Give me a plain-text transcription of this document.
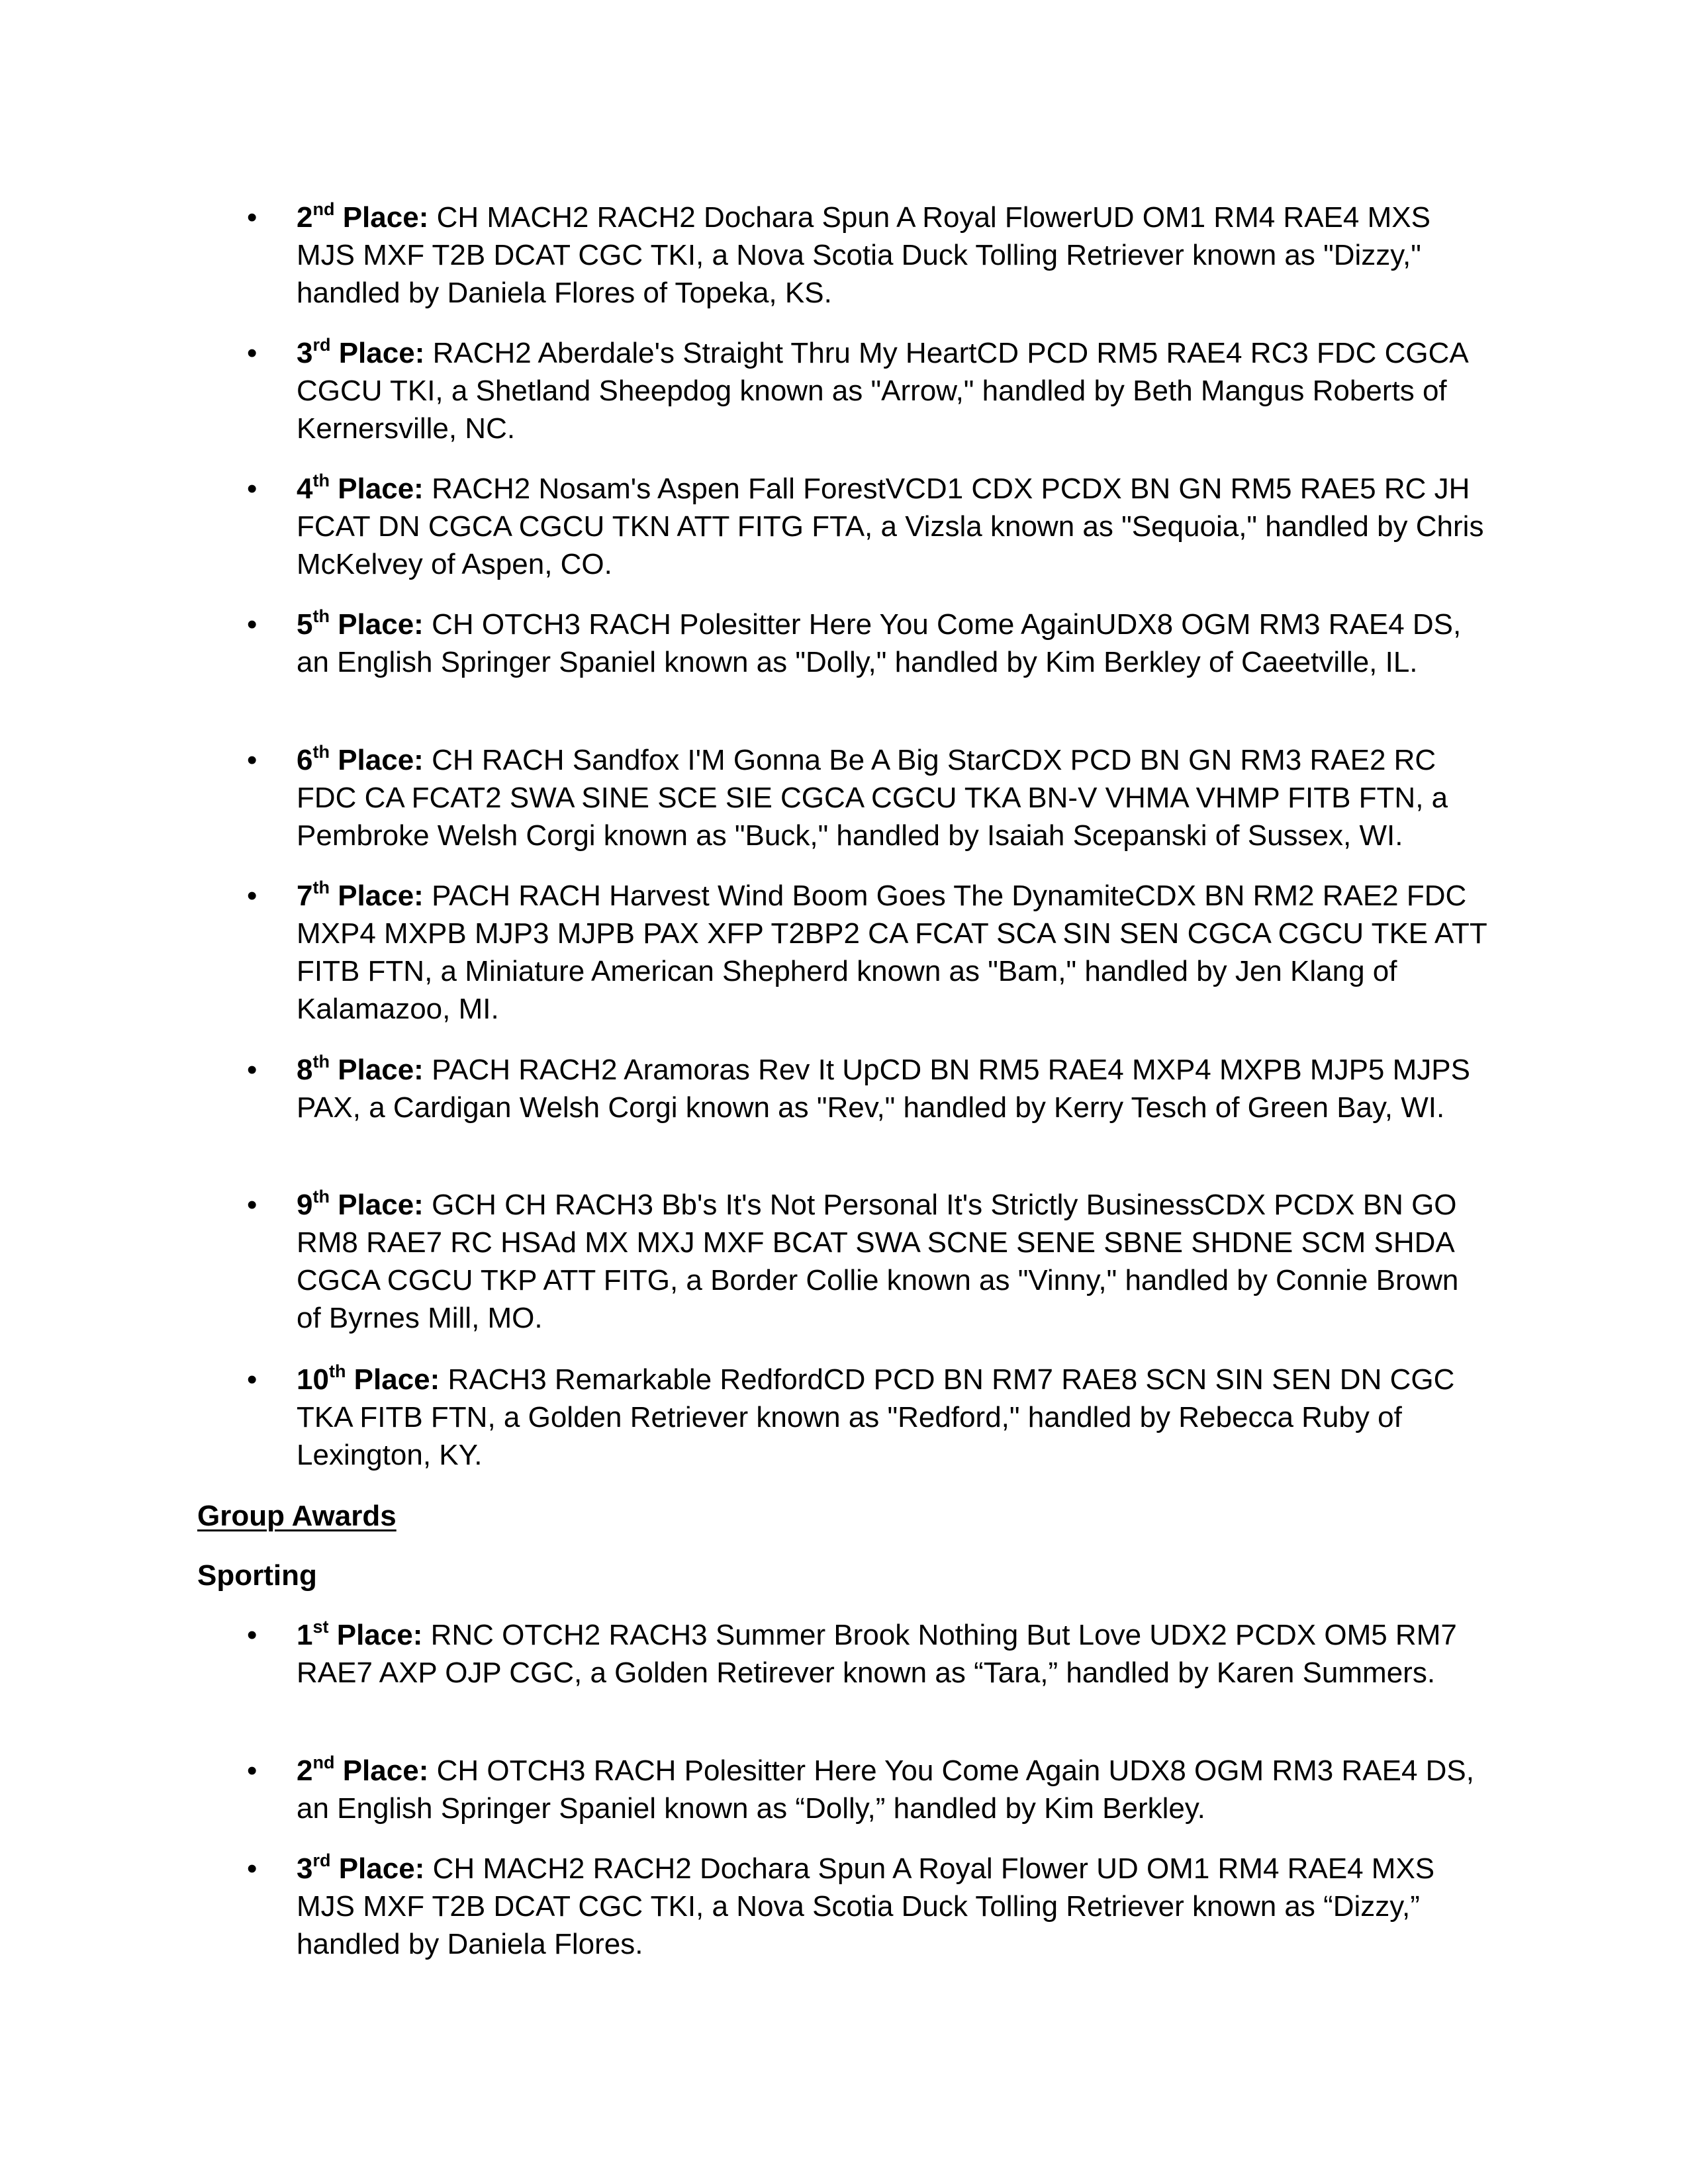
• 2nd Place: CH MACH2 RACH2 Dochara Spun A Royal FlowerUD OM1 RM4 RAE4 MXS MJS MXF T2B DCAT CGC TKI, a Nova Scotia Duck Tolling Retriever known as "Dizzy," handled by Daniela Flores of Topeka, KS.
• 3rd Place: RACH2 Aberdale's Straight Thru My HeartCD PCD RM5 RAE4 RC3 FDC CGCA CGCU TKI, a Shetland Sheepdog known as "Arrow," handled by Beth Mangus Roberts of Kernersville, NC.
• 4th Place: RACH2 Nosam's Aspen Fall ForestVCD1 CDX PCDX BN GN RM5 RAE5 RC JH FCAT DN CGCA CGCU TKN ATT FITG FTA, a Vizsla known as "Sequoia," handled by Chris McKelvey of Aspen, CO.
• 5th Place: CH OTCH3 RACH Polesitter Here You Come AgainUDX8 OGM RM3 RAE4 DS, an English Springer Spaniel known as "Dolly," handled by Kim Berkley of Caeetville, IL.
• 6th Place: CH RACH Sandfox I'M Gonna Be A Big StarCDX PCD BN GN RM3 RAE2 RC FDC CA FCAT2 SWA SINE SCE SIE CGCA CGCU TKA BN-V VHMA VHMP FITB FTN, a Pembroke Welsh Corgi known as "Buck," handled by Isaiah Scepanski of Sussex, WI.
• 7th Place: PACH RACH Harvest Wind Boom Goes The DynamiteCDX BN RM2 RAE2 FDC MXP4 MXPB MJP3 MJPB PAX XFP T2BP2 CA FCAT SCA SIN SEN CGCA CGCU TKE ATT FITB FTN, a Miniature American Shepherd known as "Bam," handled by Jen Klang of Kalamazoo, MI.
• 8th Place: PACH RACH2 Aramoras Rev It UpCD BN RM5 RAE4 MXP4 MXPB MJP5 MJPS PAX, a Cardigan Welsh Corgi known as "Rev," handled by Kerry Tesch of Green Bay, WI.
• 9th Place: GCH CH RACH3 Bb's It's Not Personal It's Strictly BusinessCDX PCDX BN GO RM8 RAE7 RC HSAd MX MXJ MXF BCAT SWA SCNE SENE SBNE SHDNE SCM SHDA CGCA CGCU TKP ATT FITG, a Border Collie known as "Vinny," handled by Connie Brown of Byrnes Mill, MO.
• 10th Place: RACH3 Remarkable RedfordCD PCD BN RM7 RAE8 SCN SIN SEN DN CGC TKA FITB FTN, a Golden Retriever known as "Redford," handled by Rebecca Ruby of Lexington, KY.
Group Awards
Sporting
• 1st Place: RNC OTCH2 RACH3 Summer Brook Nothing But Love UDX2 PCDX OM5 RM7 RAE7 AXP OJP CGC, a Golden Retirever known as “Tara,” handled by Karen Summers.
• 2nd Place: CH OTCH3 RACH Polesitter Here You Come Again UDX8 OGM RM3 RAE4 DS, an English Springer Spaniel known as “Dolly,” handled by Kim Berkley.
• 3rd Place: CH MACH2 RACH2 Dochara Spun A Royal Flower UD OM1 RM4 RAE4 MXS MJS MXF T2B DCAT CGC TKI, a Nova Scotia Duck Tolling Retriever known as “Dizzy,” handled by Daniela Flores.
